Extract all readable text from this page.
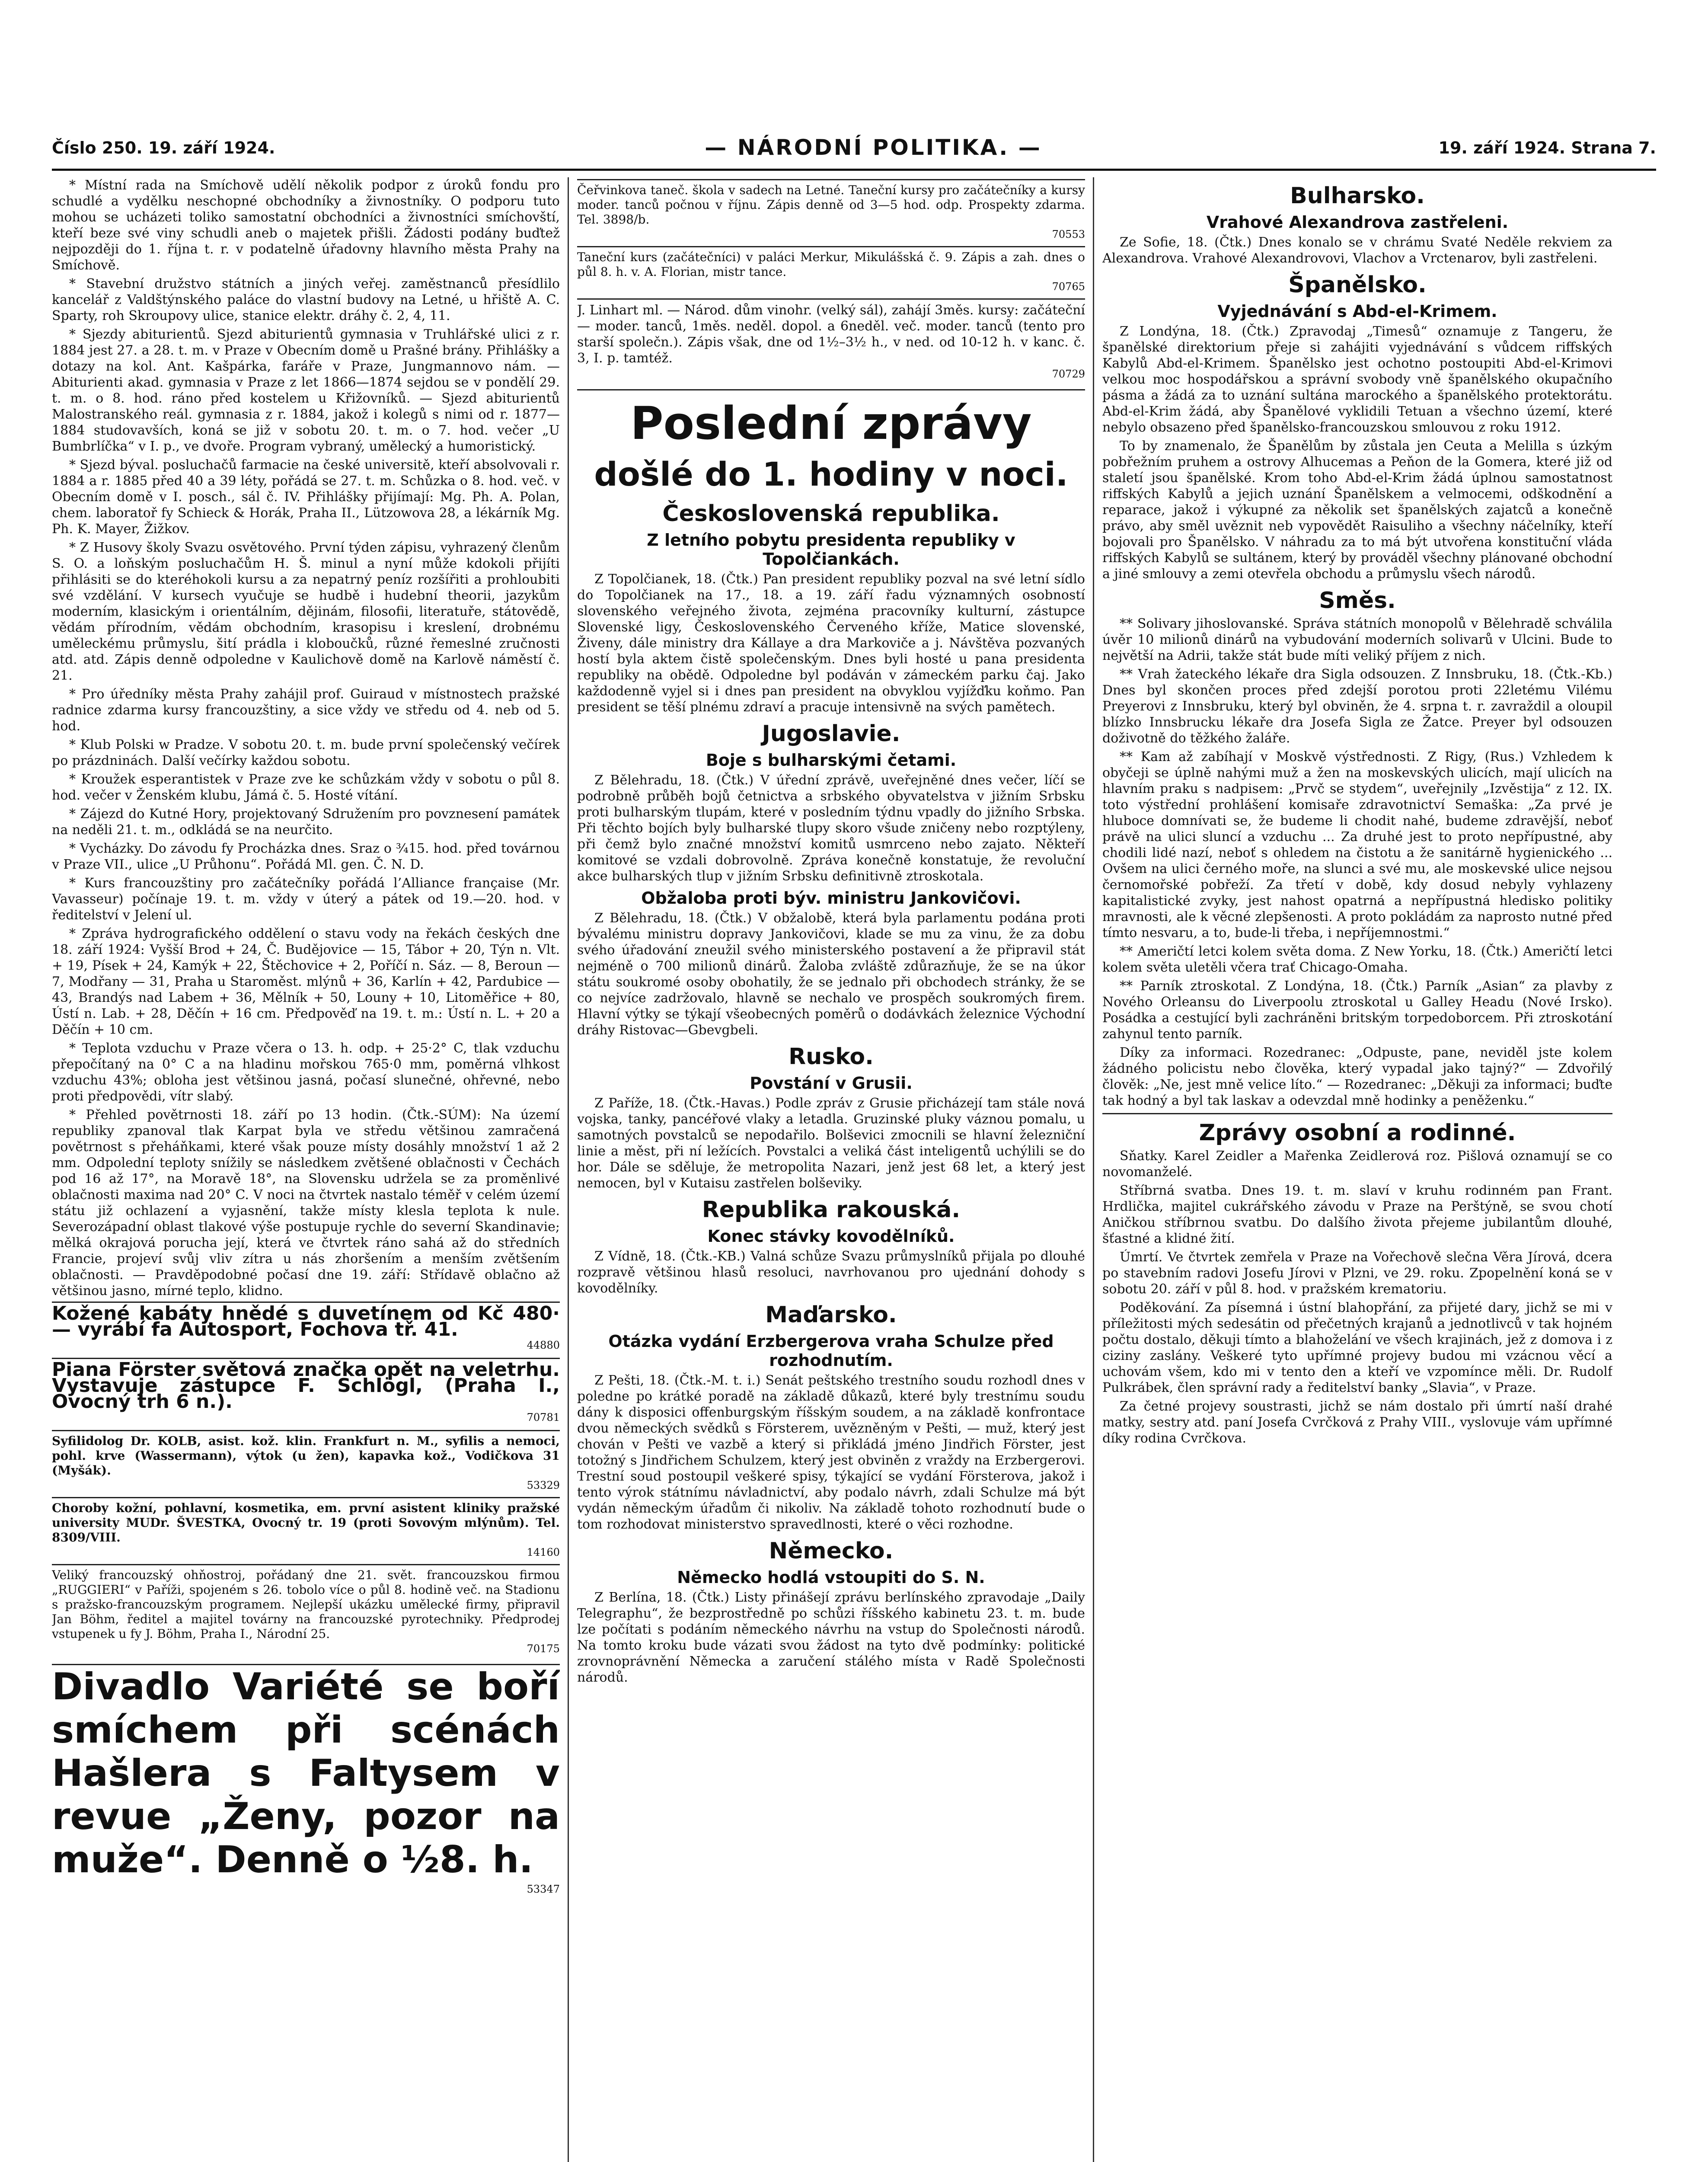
Číslo 250. 19. září 1924.	— NÁRODNÍ POLITIKA. —	19. září 1924. Strana 7.

* Místní rada na Smíchově udělí několik podpor z úroků fondu pro schudlé a vydělku neschopné obchodníky a živnostníky. O podporu tuto mohou se ucházeti toliko samostatní obchodníci a živnostníci smíchovští, kteří beze své viny schudli aneb o majetek přišli. Žádosti podány buďtež nejpozději do 1. října t. r. v podatelně úřadovny hlavního města Prahy na Smíchově.

* Stavební družstvo státních a jiných veřej. zaměstnanců přesídlilo kancelář z Valdštýnského paláce do vlastní budovy na Letné, u hřiště A. C. Sparty, roh Skroupovy ulice, stanice elektr. dráhy č. 2, 4, 11.

* Sjezdy abiturientů. Sjezd abiturientů gymnasia v Truhlářské ulici z r. 1884 jest 27. a 28. t. m. v Praze v Obecním domě u Prašné brány. Přihlášky a dotazy na kol. Ant. Kašpárka, faráře v Praze, Jungmannovo nám. — Abiturienti akad. gymnasia v Praze z let 1866—1874 sejdou se v pondělí 29. t. m. o 8. hod. ráno před kostelem u Křižovníků. — Sjezd abiturientů Malostranského reál. gymnasia z r. 1884, jakož i kolegů s nimi od r. 1877—1884 studovavších, koná se již v sobotu 20. t. m. o 7. hod. večer „U Bumbrlíčka“ v I. p., ve dvoře. Program vybraný, umělecký a humoristický.

* Sjezd býval. posluchačů farmacie na české universitě, kteří absolvovali r. 1884 a r. 1885 před 40 a 39 léty, pořádá se 27. t. m. Schůzka o 8. hod. več. v Obecním domě v I. posch., sál č. IV. Přihlášky přijímají: Mg. Ph. A. Polan, chem. laboratoř fy Schieck & Horák, Praha II., Lützowova 28, a lékárník Mg. Ph. K. Mayer, Žižkov.

* Z Husovy školy Svazu osvětového. První týden zápisu, vyhrazený členům S. O. a loňským posluchačům H. Š. minul a nyní může kdokoli přijíti přihlásiti se do kteréhokoli kursu a za nepatrný peníz rozšířiti a prohloubiti své vzdělání. V kursech vyučuje se hudbě i hudební theorii, jazykům moderním, klasickým i orientálním, dějinám, filosofii, literatuře, státovědě, vědám přírodním, vědám obchodním, krasopisu i kreslení, drobnému uměleckému průmyslu, šití prádla i kloboučků, různé řemeslné zručnosti atd. atd. Zápis denně odpoledne v Kaulichově domě na Karlově náměstí č. 21.

* Pro úředníky města Prahy zahájil prof. Guiraud v místnostech pražské radnice zdarma kursy francouzštiny, a sice vždy ve středu od 4. neb od 5. hod.

* Klub Polski w Pradze. V sobotu 20. t. m. bude první společenský večírek po prázdninách. Další večírky každou sobotu.

* Kroužek esperantistek v Praze zve ke schůzkám vždy v sobotu o půl 8. hod. večer v Ženském klubu, Jámá č. 5. Hosté vítání.

* Zájezd do Kutné Hory, projektovaný Sdružením pro povznesení památek na neděli 21. t. m., odkládá se na neurčito.

* Vycházky. Do závodu fy Procházka dnes. Sraz o ¾15. hod. před továrnou v Praze VII., ulice „U Průhonu“. Pořádá Ml. gen. Č. N. D.

* Kurs francouzštiny pro začátečníky pořádá l’Alliance française (Mr. Vavasseur) počínaje 19. t. m. vždy v úterý a pátek od 19.—20. hod. v ředitelství v Jelení ul.

* Zpráva hydrografického oddělení o stavu vody na řekách českých dne 18. září 1924: Vyšší Brod + 24, Č. Budějovice — 15, Tábor + 20, Týn n. Vlt. + 19, Písek + 24, Kamýk + 22, Štěchovice + 2, Poříčí n. Sáz. — 8, Beroun — 7, Modřany — 31, Praha u Staroměst. mlýnů + 36, Karlín + 42, Pardubice — 43, Brandýs nad Labem + 36, Mělník + 50, Louny + 10, Litoměřice + 80, Ústí n. Lab. + 28, Děčín + 16 cm. Předpověď na 19. t. m.: Ústí n. L. + 20 a Děčín + 10 cm.

* Teplota vzduchu v Praze včera o 13. h. odp. + 25·2° C, tlak vzduchu přepočítaný na 0° C a na hladinu mořskou 765·0 mm, poměrná vlhkost vzduchu 43%; obloha jest většinou jasná, počasí slunečné, ohřevné, nebo proti předpovědi, vítr slabý.

* Přehled povětrnosti 18. září po 13 hodin. (Čtk.-SÚM): Na území republiky zpanoval tlak Karpat byla ve středu většinou zamračená povětrnost s přeháňkami, které však pouze místy dosáhly množství 1 až 2 mm. Odpolední teploty snížily se následkem zvětšené oblačnosti v Čechách pod 16 až 17°, na Moravě 18°, na Slovensku udržela se za proměnlivé oblačnosti maxima nad 20° C. V noci na čtvrtek nastalo téměř v celém území státu již ochlazení a vyjasnění, takže místy klesla teplota k nule. Severozápadní oblast tlakové výše postupuje rychle do severní Skandinavie; mělká okrajová porucha její, která ve čtvrtek ráno sahá až do středních Francie, projeví svůj vliv zítra u nás zhoršením a menším zvětšením oblačnosti. — Pravděpodobné počasí dne 19. září: Střídavě oblačno až většinou jasno, mírné teplo, klidno.

Kožené kabáty hnědé s duvetínem od Kč 480·— vyrábí fa Autosport, Fochova tř. 41.
44880
Piana Förster světová značka opět na veletrhu. Vystavuje zástupce F. Schlögl, (Praha I., Ovocný trh 6 n.).
70781
Syfilidolog Dr. KOLB, asist. kož. klin. Frankfurt n. M., syfilis a nemoci, pohl. krve (Wassermann), výtok (u žen), kapavka kož., Vodičkova 31 (Myšák).
53329
Choroby kožní, pohlavní, kosmetika, em. první asistent kliniky pražské university MUDr. ŠVESTKA, Ovocný tr. 19 (proti Sovovým mlýnům). Tel. 8309/VIII.
14160
Veliký francouzský ohňostroj, pořádaný dne 21. svět. francouzskou firmou „RUGGIERI“ v Paříži, spojeném s 26. tobolo více o půl 8. hodině več. na Stadionu s pražsko-francouzským programem. Nejlepší ukázku umělecké firmy, připravil Jan Böhm, ředitel a majitel továrny na francouzské pyrotechniky. Předprodej vstupenek u fy J. Böhm, Praha I., Národní 25.
70175
Divadlo Variété se boří smíchem při scénách Hašlera s Faltysem v revue „Ženy, pozor na muže“. Denně o ½8. h.
53347
Čeřvinkova taneč. škola v sadech na Letné. Taneční kursy pro začátečníky a kursy moder. tanců počnou v říjnu. Zápis denně od 3—5 hod. odp. Prospekty zdarma. Tel. 3898/b.
70553
Taneční kurs (začátečníci) v paláci Merkur, Mikulášská č. 9. Zápis a zah. dnes o půl 8. h. v. A. Florian, mistr tance.
70765
J. Linhart ml. — Národ. dům vinohr. (velký sál), zahájí 3měs. kursy: začáteční — moder. tanců, 1měs. neděl. dopol. a 6neděl. več. moder. tanců (tento pro starší společn.). Zápis však, dne od 1½–3½ h., v ned. od 10-12 h. v kanc. č. 3, I. p. tamtéž.
70729
Poslední zprávy
došlé do 1. hodiny v noci.
Československá republika.
Z letního pobytu presidenta republiky v Topolčiankách.

Z Topolčianek, 18. (Čtk.) Pan president republiky pozval na své letní sídlo do Topolčianek na 17., 18. a 19. září řadu významných osobností slovenského veřejného života, zejména pracovníky kulturní, zástupce Slovenské ligy, Československého Červeného kříže, Matice slovenské, Živeny, dále ministry dra Kállaye a dra Markoviče a j. Návštěva pozvaných hostí byla aktem čistě společenským. Dnes byli hosté u pana presidenta republiky na obědě. Odpoledne byl podáván v zámeckém parku čaj. Jako každodenně vyjel si i dnes pan president na obvyklou vyjížďku koňmo. Pan president se těší plnému zdraví a pracuje intensivně na svých pamětech.

Jugoslavie.
Boje s bulharskými četami.

Z Bělehradu, 18. (Čtk.) V úřední zprávě, uveřejněné dnes večer, líčí se podrobně průběh bojů četnictva a srbského obyvatelstva v jižním Srbsku proti bulharským tlupám, které v posledním týdnu vpadly do jižního Srbska. Při těchto bojích byly bulharské tlupy skoro všude zničeny nebo rozptýleny, při čemž bylo značné množství komitů usmrceno nebo zajato. Někteří komitové se vzdali dobrovolně. Zpráva konečně konstatuje, že revoluční akce bulharských tlup v jižním Srbsku definitivně ztroskotala.

Obžaloba proti býv. ministru Jankovičovi.

Z Bělehradu, 18. (Čtk.) V obžalobě, která byla parlamentu podána proti bývalému ministru dopravy Jankovičovi, klade se mu za vinu, že za dobu svého úřadování zneužil svého ministerského postavení a že připravil stát nejméně o 700 milionů dinárů. Žaloba zvláště zdůrazňuje, že se na úkor státu soukromé osoby obohatily, že se jednalo při obchodech stránky, že se co nejvíce zadržovalo, hlavně se nechalo ve prospěch soukromých firem. Hlavní výtky se týkají všeobecných poměrů o dodávkách železnice Východní dráhy Ristovac—Gbevgbeli.

Rusko.
Povstání v Grusii.

Z Paříže, 18. (Čtk.-Havas.) Podle zpráv z Grusie přicházejí tam stále nová vojska, tanky, pancéřové vlaky a letadla. Gruzinské pluky váznou pomalu, u samotných povstalců se nepodařilo. Bolševici zmocnili se hlavní železniční linie a měst, při ní ležících. Povstalci a veliká část inteligentů uchýlili se do hor. Dále se sděluje, že metropolita Nazari, jenž jest 68 let, a který jest nemocen, byl v Kutaisu zastřelen bolševiky.

Republika rakouská.
Konec stávky kovodělníků.

Z Vídně, 18. (Čtk.-KB.) Valná schůze Svazu průmyslníků přijala po dlouhé rozpravě většinou hlasů resoluci, navrhovanou pro ujednání dohody s kovodělníky.

Maďarsko.
Otázka vydání Erzbergerova vraha Schulze před rozhodnutím.

Z Pešti, 18. (Čtk.-M. t. i.) Senát peštského trestního soudu rozhodl dnes v poledne po krátké poradě na základě důkazů, které byly trestnímu soudu dány k disposici offenburgským říšským soudem, a na základě konfrontace dvou německých svědků s Försterem, uvězněným v Pešti, — muž, který jest chován v Pešti ve vazbě a který si přikládá jméno Jindřich Förster, jest totožný s Jindřichem Schulzem, který jest obviněn z vraždy na Erzbergerovi. Trestní soud postoupil veškeré spisy, týkající se vydání Försterova, jakož i tento výrok státnímu návladnictví, aby podalo návrh, zdali Schulze má být vydán německým úřadům či nikoliv. Na základě tohoto rozhodnutí bude o tom rozhodovat ministerstvo spravedlnosti, které o věci rozhodne.

Německo.
Německo hodlá vstoupiti do S. N.

Z Berlína, 18. (Čtk.) Listy přinášejí zprávu berlínského zpravodaje „Daily Telegraphu“, že bezprostředně po schůzi říšského kabinetu 23. t. m. bude lze počítati s podáním německého návrhu na vstup do Společnosti národů. Na tomto kroku bude vázati svou žádost na tyto dvě podmínky: politické zrovnoprávnění Německa a zaručení stálého místa v Radě Společnosti národů.

Bulharsko.
Vrahové Alexandrova zastřeleni.

Ze Sofie, 18. (Čtk.) Dnes konalo se v chrámu Svaté Neděle rekviem za Alexandrova. Vrahové Alexandrovovi, Vlachov a Vrctenarov, byli zastřeleni.

Španělsko.
Vyjednávání s Abd-el-Krimem.

Z Londýna, 18. (Čtk.) Zpravodaj „Timesů“ oznamuje z Tangeru, že španělské direktorium přeje si zahájiti vyjednávání s vůdcem riffských Kabylů Abd-el-Krimem. Španělsko jest ochotno postoupiti Abd-el-Krimovi velkou moc hospodářskou a správní svobody vně španělského okupačního pásma a žádá za to uznání sultána marockého a španělského protektorátu. Abd-el-Krim žádá, aby Španělové vyklidili Tetuan a všechno území, které nebylo obsazeno před španělsko-francouzskou smlouvou z roku 1912.

To by znamenalo, že Španělům by zůstala jen Ceuta a Melilla s úzkým pobřežním pruhem a ostrovy Alhucemas a Peňon de la Gomera, které již od staletí jsou španělské. Krom toho Abd-el-Krim žádá úplnou samostatnost riffských Kabylů a jejich uznání Španělskem a velmocemi, odškodnění a reparace, jakož i výkupné za několik set španělských zajatců a konečně právo, aby směl uvěznit neb vypovědět Raisuliho a všechny náčelníky, kteří bojovali pro Španělsko. V náhradu za to má být utvořena konstituční vláda riffských Kabylů se sultánem, který by prováděl všechny plánované obchodní a jiné smlouvy a zemi otevřela obchodu a průmyslu všech národů.

Směs.

** Solivary jihoslovanské. Správa státních monopolů v Bělehradě schválila úvěr 10 milionů dinárů na vybudování moderních solivarů v Ulcini. Bude to největší na Adrii, takže stát bude míti veliký příjem z nich.

** Vrah žateckého lékaře dra Sigla odsouzen. Z Innsbruku, 18. (Čtk.-Kb.) Dnes byl skončen proces před zdejší porotou proti 22letému Vilému Preyerovi z Innsbruku, který byl obviněn, že 4. srpna t. r. zavraždil a oloupil blízko Innsbrucku lékaře dra Josefa Sigla ze Žatce. Preyer byl odsouzen doživotně do těžkého žaláře.

** Kam až zabíhají v Moskvě výstřednosti. Z Rigy, (Rus.) Vzhledem k obyčeji se úplně nahými muž a žen na moskevských ulicích, mají ulicích na hlavním praku s nadpisem: „Prvč se stydem“, uveřejnily „Izvěstija“ z 12. IX. toto výstřední prohlášení komisaře zdravotnictví Semaška: „Za prvé je hlubocе domnívati se, že budeme li chodit nahé, budeme zdravější, neboť právě na ulici sluncí a vzduchu ... Za druhé jest to proto nepřípustné, aby chodili lidé nazí, neboť s ohledem na čistotu a že sanitárně hygienického ... Ovšem na ulici černého moře, na slunci a své mu, ale moskevské ulice nejsou černomořské pobřeží. Za třetí v době, kdy dosud nebyly vyhlazeny kapitalistické zvyky, jest nahost opatrná a nepřípustná hledisko politiky mravnosti, ale k věcné zlepšenosti. A proto pokládám za naprosto nutné před tímto nesvaru, a to, bude-li třeba, i nepříjemnostmi.“

** Američtí letci kolem světa doma. Z New Yorku, 18. (Čtk.) Američtí letci kolem světa uletěli včera trať Chicago-Omaha.

** Parník ztroskotal. Z Londýna, 18. (Čtk.) Parník „Asian“ za plavby z Nového Orleansu do Liverpoolu ztroskotal u Galley Headu (Nové Irsko). Posádka a cestující byli zachráněni britským torpedoborcem. Při ztroskotání zahynul tento parník.

Díky za informaci. Rozedranec: „Odpuste, pane, neviděl jste kolem žádného policistu nebo člověka, který vypadal jako tajný?“ — Zdvořilý člověk: „Ne, jest mně velice líto.“ — Rozedranec: „Děkuji za informaci; buďte tak hodný a byl tak laskav a odevzdal mně hodinky a peněženku.“

Zprávy osobní a rodinné.

Sňatky. Karel Zeidler a Mařenka Zeidlerová roz. Pišlová oznamují se co novomanželé.

Stříbrná svatba. Dnes 19. t. m. slaví v kruhu rodinném pan Frant. Hrdlička, majitel cukrářského závodu v Praze na Perštýně, se svou chotí Aničkou stříbrnou svatbu. Do dalšího života přejeme jubilantům dlouhé, šťastné a klidné žití.

Úmrtí. Ve čtvrtek zemřela v Praze na Vořechově slečna Věra Jírová, dcera po stavebním radovi Josefu Jírovi v Plzni, ve 29. roku. Zpopelnění koná se v sobotu 20. září v půl 8. hod. v pražském krematoriu.

Poděkování. Za písemná i ústní blahopřání, za přijeté dary, jichž se mi v příležitosti mých sedesátin od přečetných krajanů a jednotlivců v tak hojném počtu dostalo, děkuji tímto a blahoželání ve všech krajinách, jež z domova i z ciziny zaslány. Veškeré tyto upřímné projevy budou mi vzácnou věcí a uchovám všem, kdo mi v tento den a kteří ve vzpomínce měli. Dr. Rudolf Pulkrábek, člen správní rady a ředitelství banky „Slavia“, v Praze.

Za četné projevy soustrasti, jichž se nám dostalo při úmrtí naší drahé matky, sestry atd. paní Josefa Cvrčková z Prahy VIII., vyslovuje vám upřímné díky rodina Cvrčkova.
